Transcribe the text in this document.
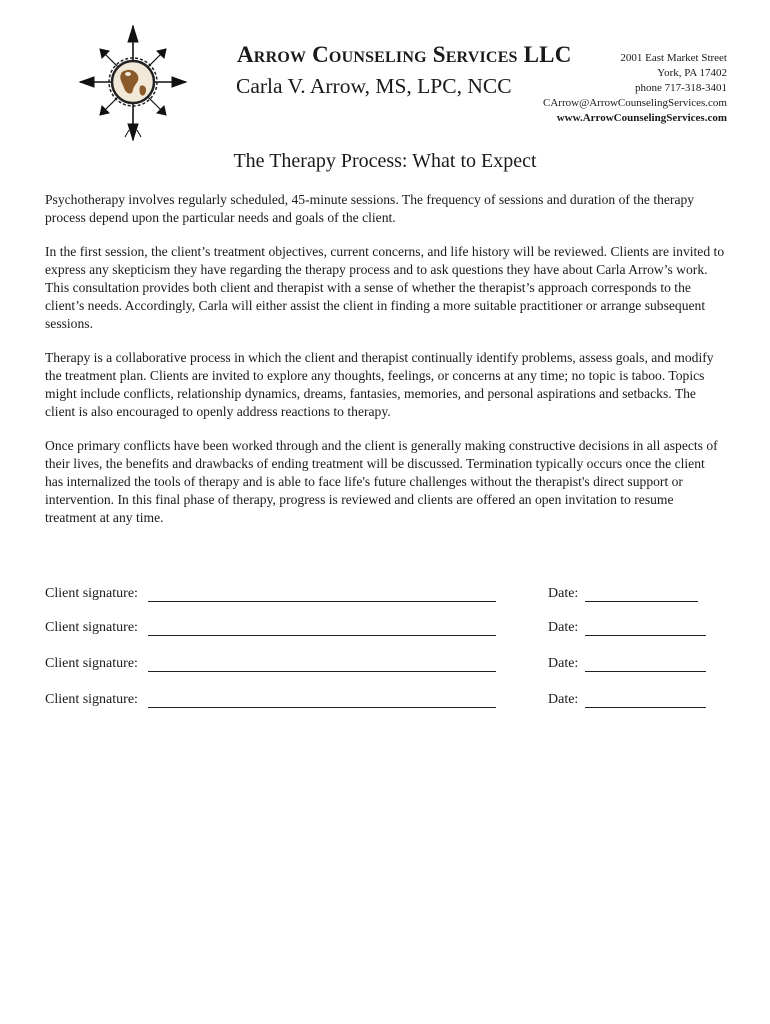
Arrow Counseling Services LLC
Carla V. Arrow, MS, LPC, NCC
2001 East Market Street
York, PA 17402
phone 717-318-3401
CArrow@ArrowCounselingServices.com
www.ArrowCounselingServices.com
The Therapy Process: What to Expect

Psychotherapy involves regularly scheduled, 45-minute sessions. The frequency of sessions and duration of the therapy process depend upon the particular needs and goals of the client.

In the first session, the client’s treatment objectives, current concerns, and life history will be reviewed. Clients are invited to express any skepticism they have regarding the therapy process and to ask questions they have about Carla Arrow’s work. This consultation provides both client and therapist with a sense of whether the therapist’s approach corresponds to the client’s needs. Accordingly, Carla will either assist the client in finding a more suitable practitioner or arrange subsequent sessions.

Therapy is a collaborative process in which the client and therapist continually identify problems, assess goals, and modify the treatment plan. Clients are invited to explore any thoughts, feelings, or concerns at any time; no topic is taboo. Topics might include conflicts, relationship dynamics, dreams, fantasies, memories, and personal aspirations and setbacks. The client is also encouraged to openly address reactions to therapy.

Once primary conflicts have been worked through and the client is generally making constructive decisions in all aspects of their lives, the benefits and drawbacks of ending treatment will be discussed. Termination typically occurs once the client has internalized the tools of therapy and is able to face life's future challenges without the therapist's direct support or intervention. In this final phase of therapy, progress is reviewed and clients are offered an open invitation to resume treatment at any time.

Client signature:	Date:
Client signature:	Date:
Client signature:	Date:
Client signature:	Date:
